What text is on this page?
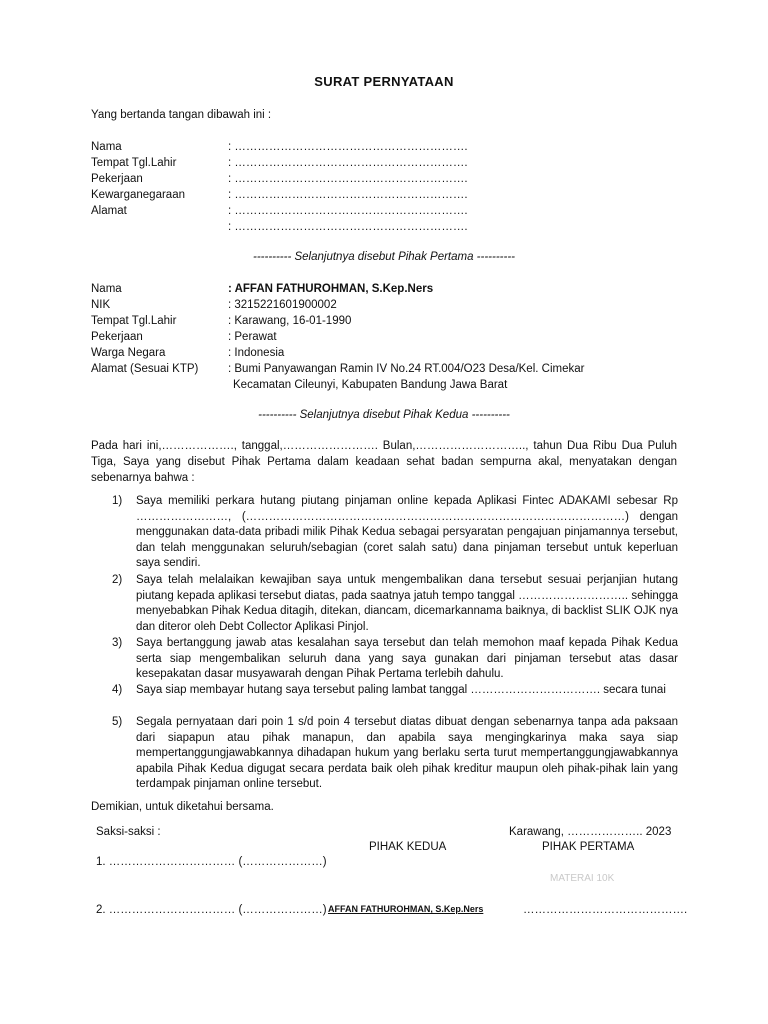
SURAT PERNYATAAN
Yang bertanda tangan dibawah ini :
Nama	: …………………………………………………….
Tempat Tgl.Lahir	: …………………………………………………….
Pekerjaan	: …………………………………………………….
Kewarganegaraan	: …………………………………………………….
Alamat	: …………………………………………………….
: …………………………………………………….
---------- Selanjutnya disebut Pihak Pertama ----------
Nama	: AFFAN FATHUROHMAN, S.Kep.Ners
NIK	: 3215221601900002
Tempat Tgl.Lahir	: Karawang, 16-01-1990
Pekerjaan	: Perawat
Warga Negara	: Indonesia
Alamat (Sesuai KTP)	: Bumi Panyawangan Ramin IV No.24 RT.004/O23 Desa/Kel. Cimekar
Kecamatan Cileunyi, Kabupaten Bandung Jawa Barat
---------- Selanjutnya disebut Pihak Kedua ----------
Pada hari ini,………………., tanggal,……………………. Bulan,……………………….., tahun Dua Ribu Dua Puluh Tiga, Saya yang disebut Pihak Pertama dalam keadaan sehat badan sempurna akal, menyatakan dengan sebenarnya bahwa :
1) Saya memiliki perkara hutang piutang pinjaman online kepada Aplikasi Fintec ADAKAMI sebesar Rp ……………………, (………………………………………………………………………………………) dengan menggunakan data-data pribadi milik Pihak Kedua sebagai persyaratan pengajuan pinjamannya tersebut, dan telah menggunakan seluruh/sebagian (coret salah satu) dana pinjaman tersebut untuk keperluan saya sendiri.
2) Saya telah melalaikan kewajiban saya untuk mengembalikan dana tersebut sesuai perjanjian hutang piutang kepada aplikasi tersebut diatas, pada saatnya jatuh tempo tanggal ……………………….. sehingga menyebabkan Pihak Kedua ditagih, ditekan, diancam, dicemarkannama baiknya, di backlist SLIK OJK nya dan diteror oleh Debt Collector Aplikasi Pinjol.
3) Saya bertanggung jawab atas kesalahan saya tersebut dan telah memohon maaf kepada Pihak Kedua serta siap mengembalikan seluruh dana yang saya gunakan dari pinjaman tersebut atas dasar kesepakatan dasar musyawarah dengan Pihak Pertama terlebih dahulu.
4) Saya siap membayar hutang saya tersebut paling lambat tanggal ……………………………. secara tunai
5) Segala pernyataan dari poin 1 s/d poin 4 tersebut diatas dibuat dengan sebenarnya tanpa ada paksaan dari siapapun atau pihak manapun, dan apabila saya mengingkarinya maka saya siap mempertanggungjawabkannya dihadapan hukum yang berlaku serta turut mempertanggungjawabkannya apabila Pihak Kedua digugat secara perdata baik oleh pihak kreditur maupun oleh pihak-pihak lain yang terdampak pinjaman online tersebut.
Demikian, untuk diketahui bersama.
Saksi-saksi :	Karawang, ……………….. 2023
PIHAK KEDUA	PIHAK PERTAMA
1. …………………………… (…………………)
MATERAI 10K
2. …………………………… (…………………) AFFAN FATHUROHMAN, S.Kep.Ners	…………………………………….
